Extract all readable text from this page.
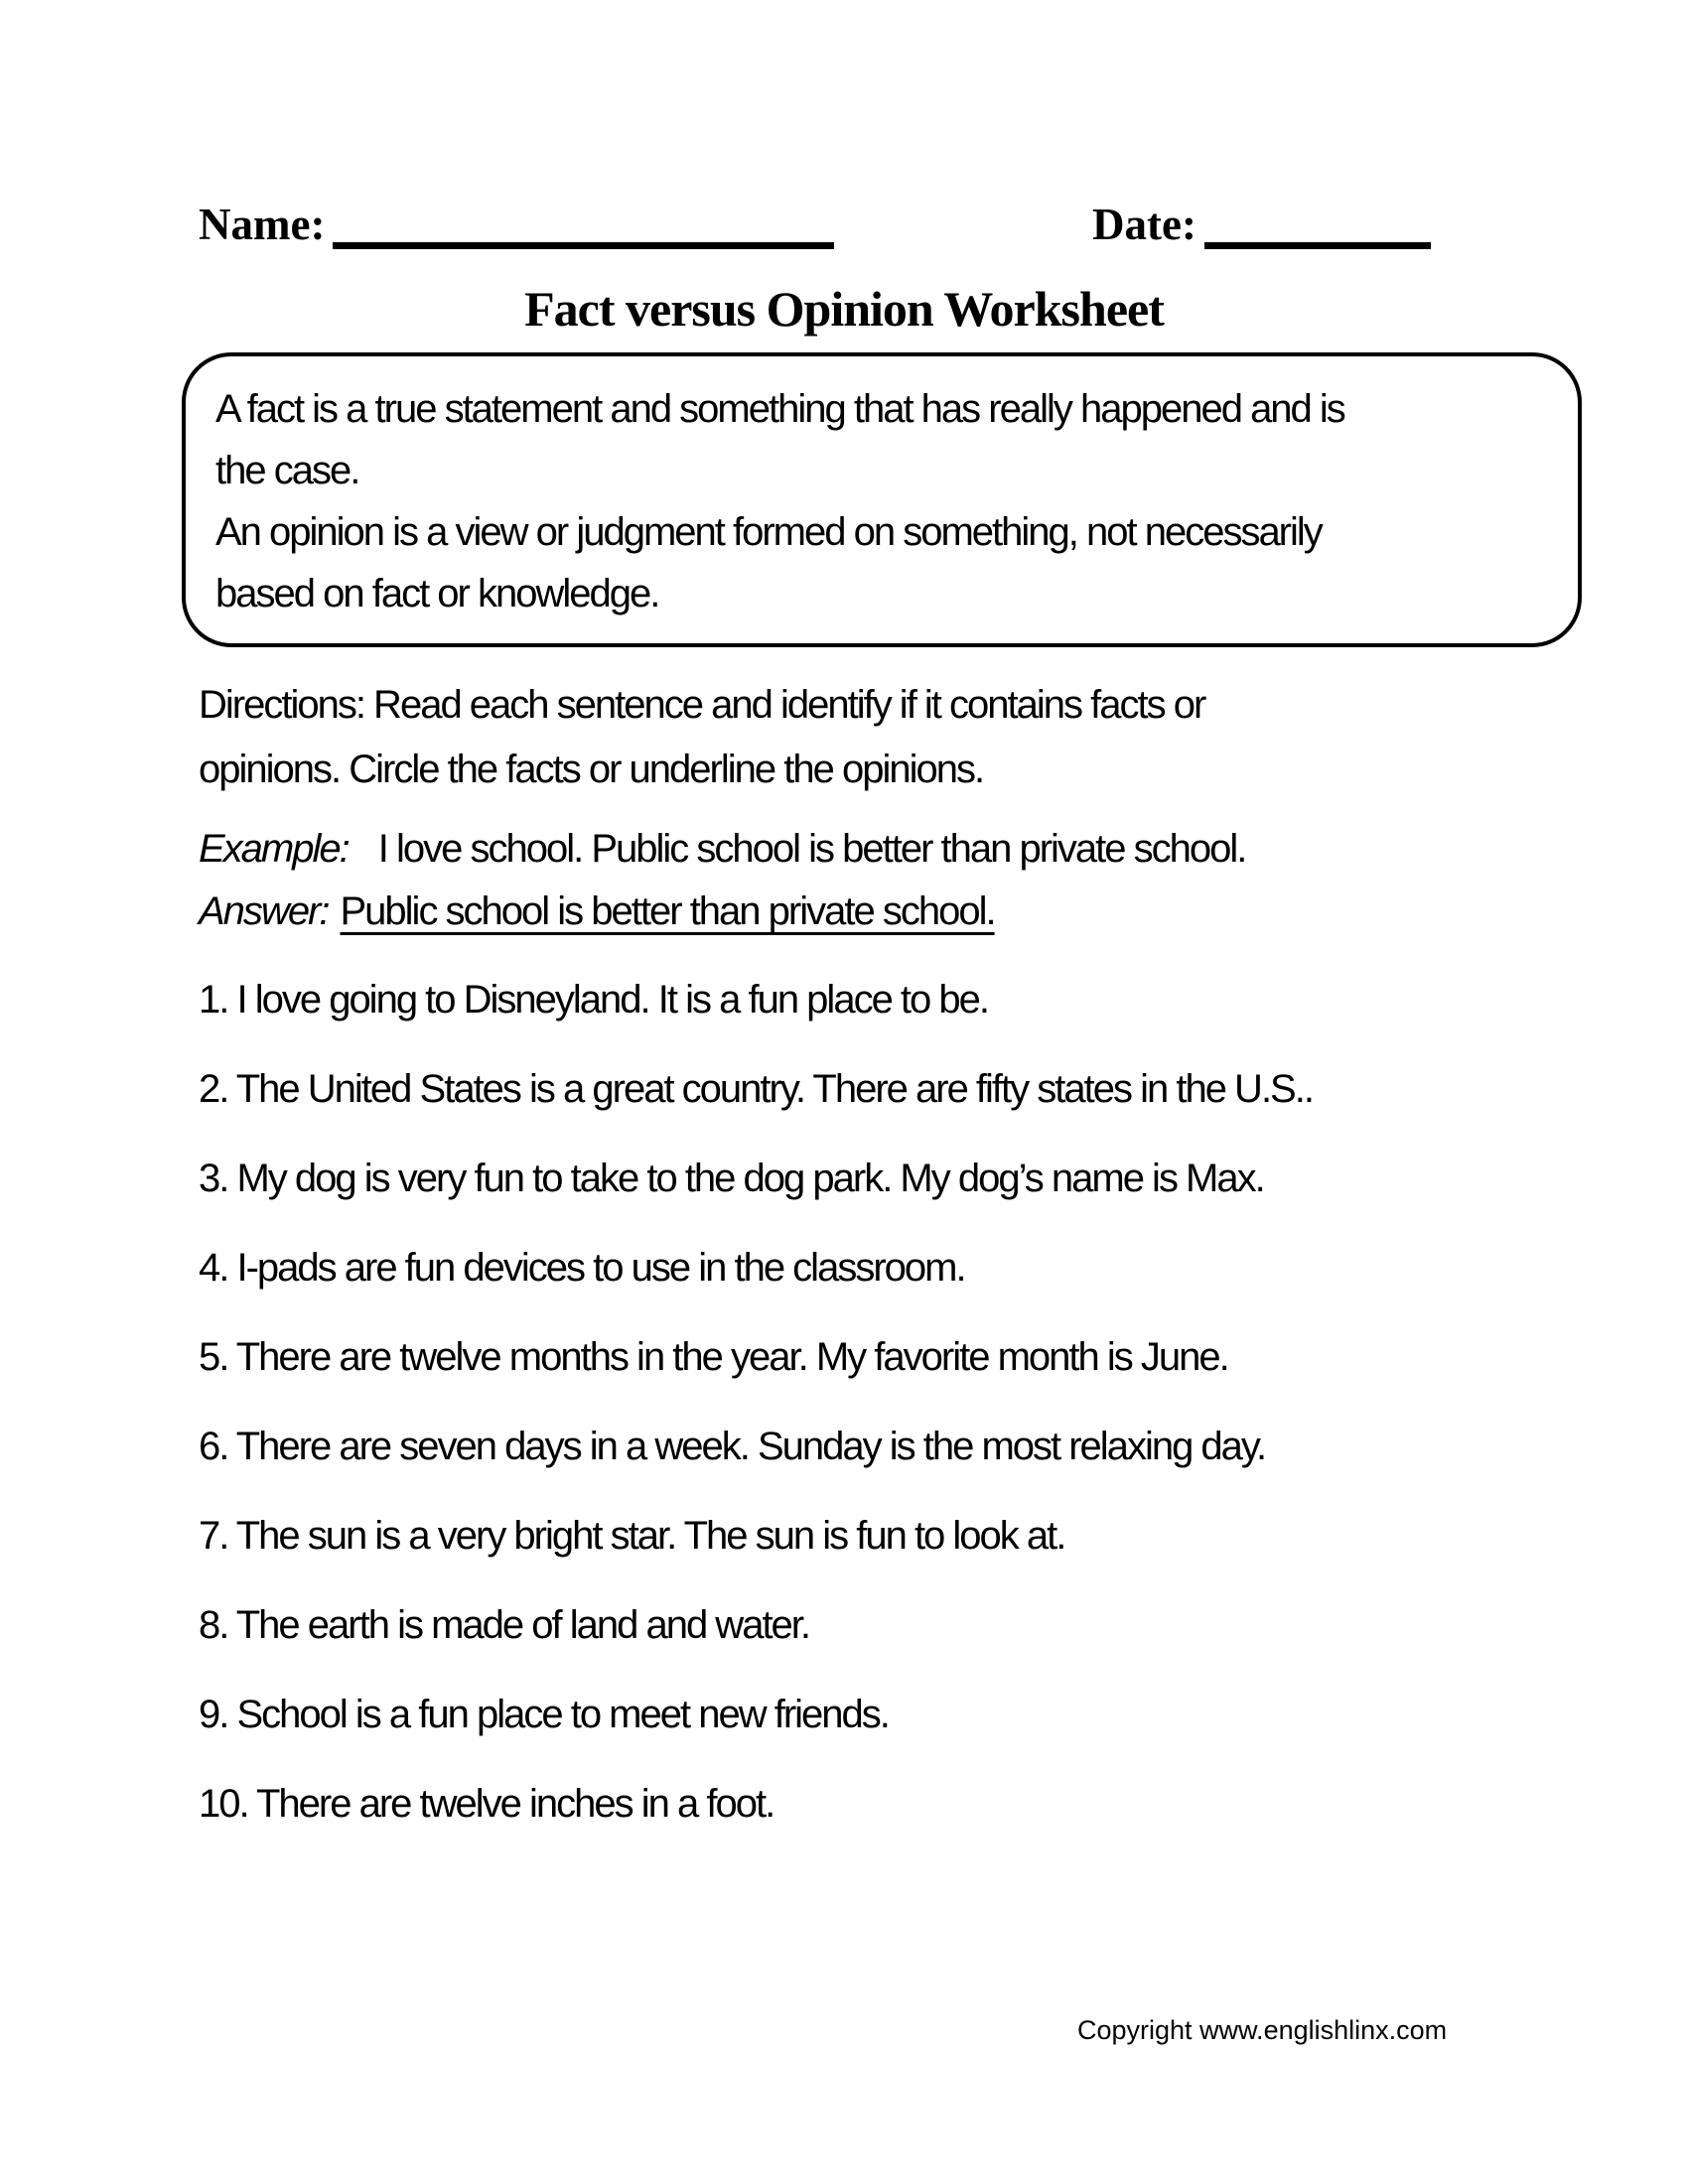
Name:	Date:
Fact versus Opinion Worksheet
A fact is a true statement and something that has really happened and is
the case.
An opinion is a view or judgment formed on something, not necessarily
based on fact or knowledge.
Directions: Read each sentence and identify if it contains facts or
opinions. Circle the facts or underline the opinions.
Example: I love school. Public school is better than private school.
Answer: Public school is better than private school.
1. I love going to Disneyland. It is a fun place to be.
2. The United States is a great country. There are fifty states in the U.S..
3. My dog is very fun to take to the dog park. My dog’s name is Max.
4. I-pads are fun devices to use in the classroom.
5. There are twelve months in the year. My favorite month is June.
6. There are seven days in a week. Sunday is the most relaxing day.
7. The sun is a very bright star. The sun is fun to look at.
8. The earth is made of land and water.
9. School is a fun place to meet new friends.
10. There are twelve inches in a foot.
Copyright www.englishlinx.com
